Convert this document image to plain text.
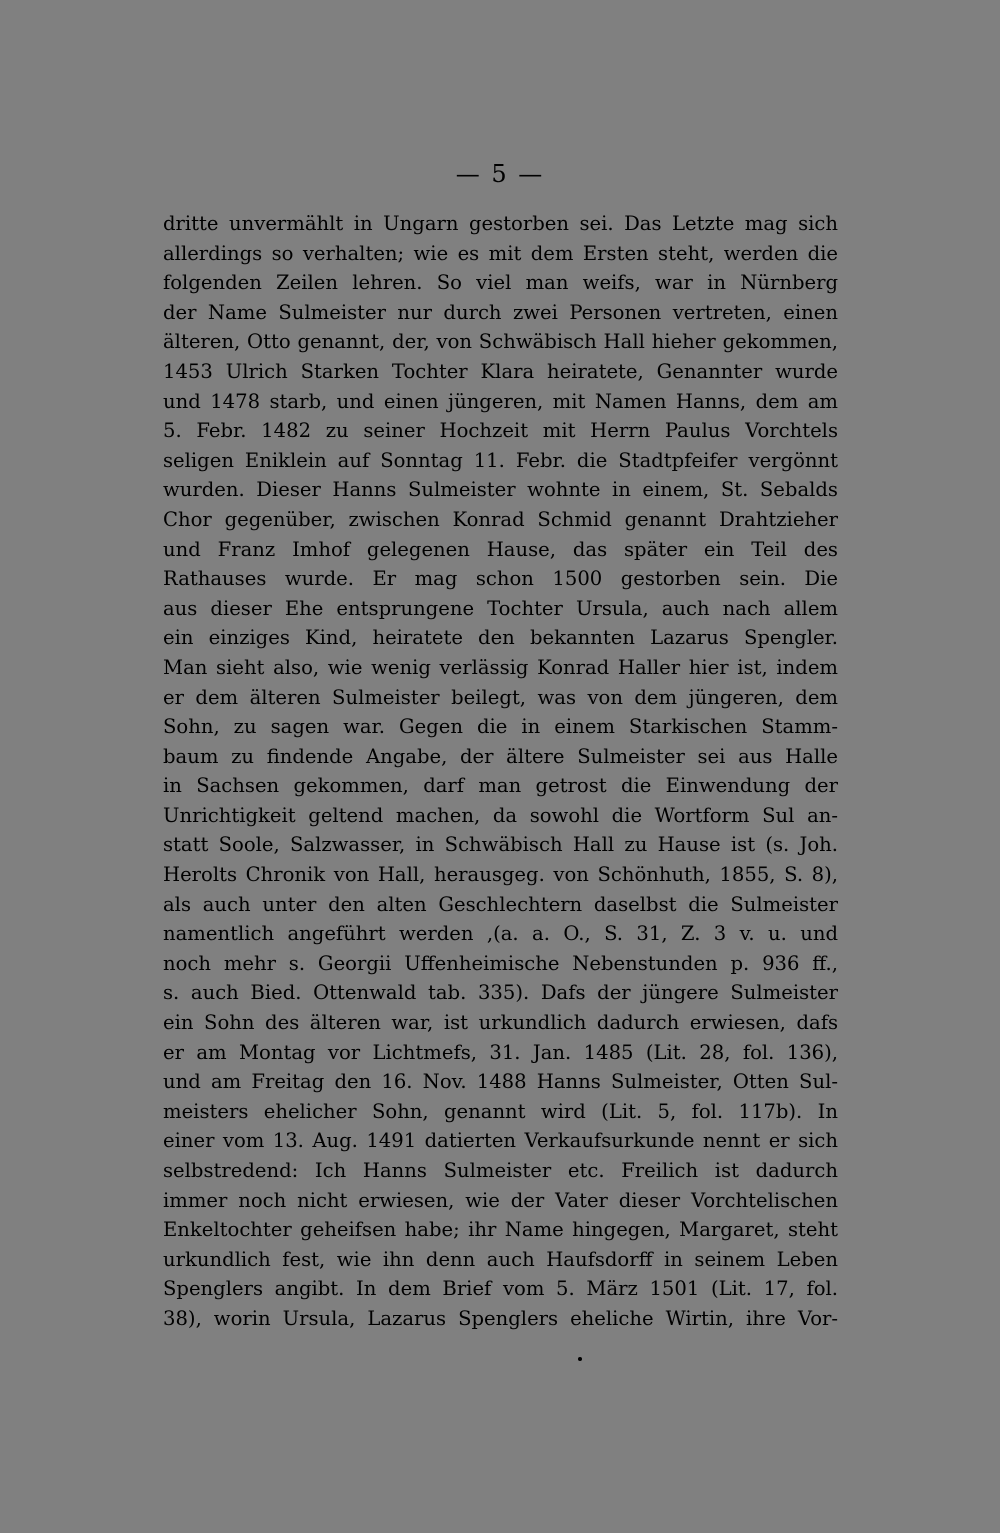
— 5 —
dritte unvermählt in Ungarn gestorben sei. Das Letzte mag sich
allerdings so verhalten; wie es mit dem Ersten steht, werden die
folgenden Zeilen lehren. So viel man weifs, war in Nürnberg
der Name Sulmeister nur durch zwei Personen vertreten, einen
älteren, Otto genannt, der, von Schwäbisch Hall hieher gekommen,
1453 Ulrich Starken Tochter Klara heiratete, Genannter wurde
und 1478 starb, und einen jüngeren, mit Namen Hanns, dem am
5. Febr. 1482 zu seiner Hochzeit mit Herrn Paulus Vorchtels
seligen Eniklein auf Sonntag 11. Febr. die Stadtpfeifer vergönnt
wurden. Dieser Hanns Sulmeister wohnte in einem, St. Sebalds
Chor gegenüber, zwischen Konrad Schmid genannt Drahtzieher
und Franz Imhof gelegenen Hause, das später ein Teil des
Rathauses wurde. Er mag schon 1500 gestorben sein. Die
aus dieser Ehe entsprungene Tochter Ursula, auch nach allem
ein einziges Kind, heiratete den bekannten Lazarus Spengler.
Man sieht also, wie wenig verlässig Konrad Haller hier ist, indem
er dem älteren Sulmeister beilegt, was von dem jüngeren, dem
Sohn, zu sagen war. Gegen die in einem Starkischen Stamm-
baum zu findende Angabe, der ältere Sulmeister sei aus Halle
in Sachsen gekommen, darf man getrost die Einwendung der
Unrichtigkeit geltend machen, da sowohl die Wortform Sul an-
statt Soole, Salzwasser, in Schwäbisch Hall zu Hause ist (s. Joh.
Herolts Chronik von Hall, herausgeg. von Schönhuth, 1855, S. 8),
als auch unter den alten Geschlechtern daselbst die Sulmeister
namentlich angeführt werden ,(a. a. O., S. 31, Z. 3 v. u. und
noch mehr s. Georgii Uffenheimische Nebenstunden p. 936 ff.,
s. auch Bied. Ottenwald tab. 335). Dafs der jüngere Sulmeister
ein Sohn des älteren war, ist urkundlich dadurch erwiesen, dafs
er am Montag vor Lichtmefs, 31. Jan. 1485 (Lit. 28, fol. 136),
und am Freitag den 16. Nov. 1488 Hanns Sulmeister, Otten Sul-
meisters ehelicher Sohn, genannt wird (Lit. 5, fol. 117b). In
einer vom 13. Aug. 1491 datierten Verkaufsurkunde nennt er sich
selbstredend: Ich Hanns Sulmeister etc. Freilich ist dadurch
immer noch nicht erwiesen, wie der Vater dieser Vorchtelischen
Enkeltochter geheifsen habe; ihr Name hingegen, Margaret, steht
urkundlich fest, wie ihn denn auch Haufsdorff in seinem Leben
Spenglers angibt. In dem Brief vom 5. März 1501 (Lit. 17, fol.
38), worin Ursula, Lazarus Spenglers eheliche Wirtin, ihre Vor-
